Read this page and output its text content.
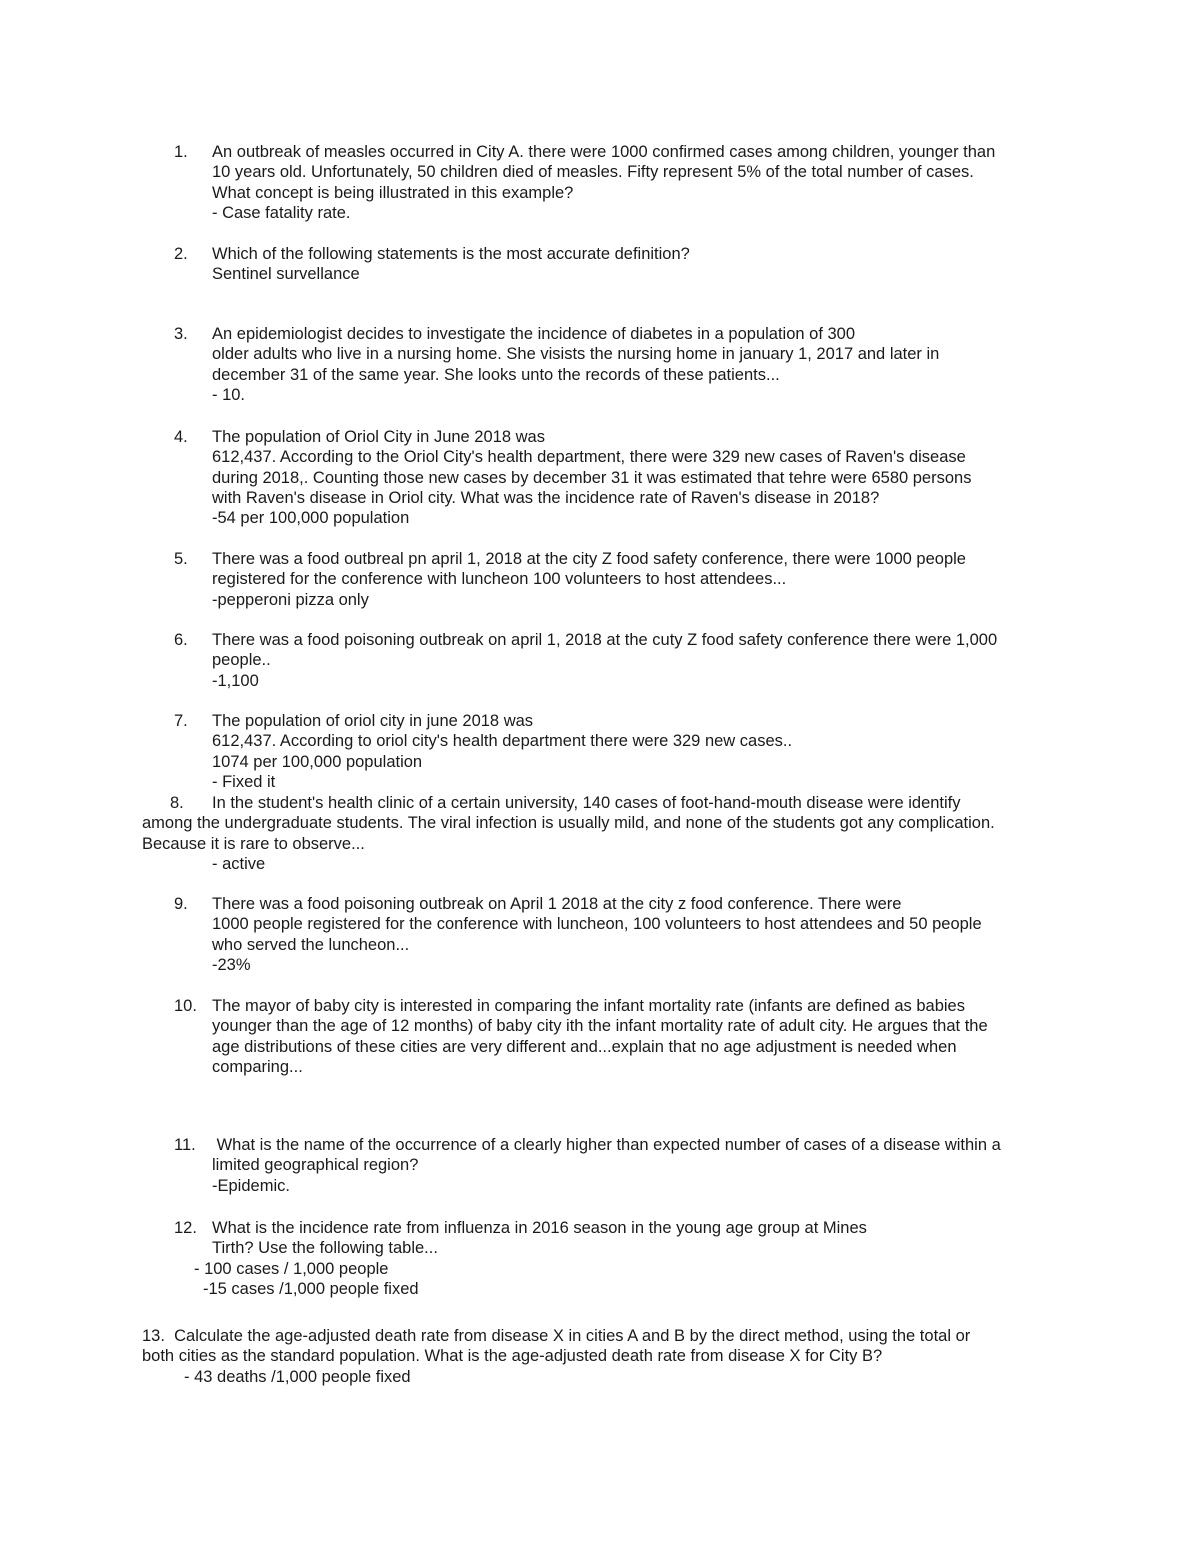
1. An outbreak of measles occurred in City A. there were 1000 confirmed cases among children, younger than
10 years old. Unfortunately, 50 children died of measles. Fifty represent 5% of the total number of cases.
What concept is being illustrated in this example?
- Case fatality rate.
2. Which of the following statements is the most accurate definition?
Sentinel survellance
3. An epidemiologist decides to investigate the incidence of diabetes in a population of 300
older adults who live in a nursing home. She visists the nursing home in january 1, 2017 and later in
december 31 of the same year. She looks unto the records of these patients...
- 10.
4. The population of Oriol City in June 2018 was
612,437. According to the Oriol City's health department, there were 329 new cases of Raven's disease
during 2018,. Counting those new cases by december 31 it was estimated that tehre were 6580 persons
with Raven's disease in Oriol city. What was the incidence rate of Raven's disease in 2018?
-54 per 100,000 population
5. There was a food outbreal pn april 1, 2018 at the city Z food safety conference, there were 1000 people
registered for the conference with luncheon 100 volunteers to host attendees...
-pepperoni pizza only
6. There was a food poisoning outbreak on april 1, 2018 at the cuty Z food safety conference there were 1,000
people..
-1,100
7. The population of oriol city in june 2018 was
612,437. According to oriol city's health department there were 329 new cases..
1074 per 100,000 population
- Fixed it
8. In the student's health clinic of a certain university, 140 cases of foot-hand-mouth disease were identify
among the undergraduate students. The viral infection is usually mild, and none of the students got any complication.
Because it is rare to observe...
- active
9. There was a food poisoning outbreak on April 1 2018 at the city z food conference. There were
1000 people registered for the conference with luncheon, 100 volunteers to host attendees and 50 people
who served the luncheon...
-23%
10. The mayor of baby city is interested in comparing the infant mortality rate (infants are defined as babies
younger than the age of 12 months) of baby city ith the infant mortality rate of adult city. He argues that the
age distributions of these cities are very different and...explain that no age adjustment is needed when
comparing...
11. What is the name of the occurrence of a clearly higher than expected number of cases of a disease within a
limited geographical region?
-Epidemic.
12. What is the incidence rate from influenza in 2016 season in the young age group at Mines
Tirth? Use the following table...
- 100 cases / 1,000 people
-15 cases /1,000 people fixed
13.  Calculate the age-adjusted death rate from disease X in cities A and B by the direct method, using the total or
both cities as the standard population. What is the age-adjusted death rate from disease X for City B?
- 43 deaths /1,000 people fixed
